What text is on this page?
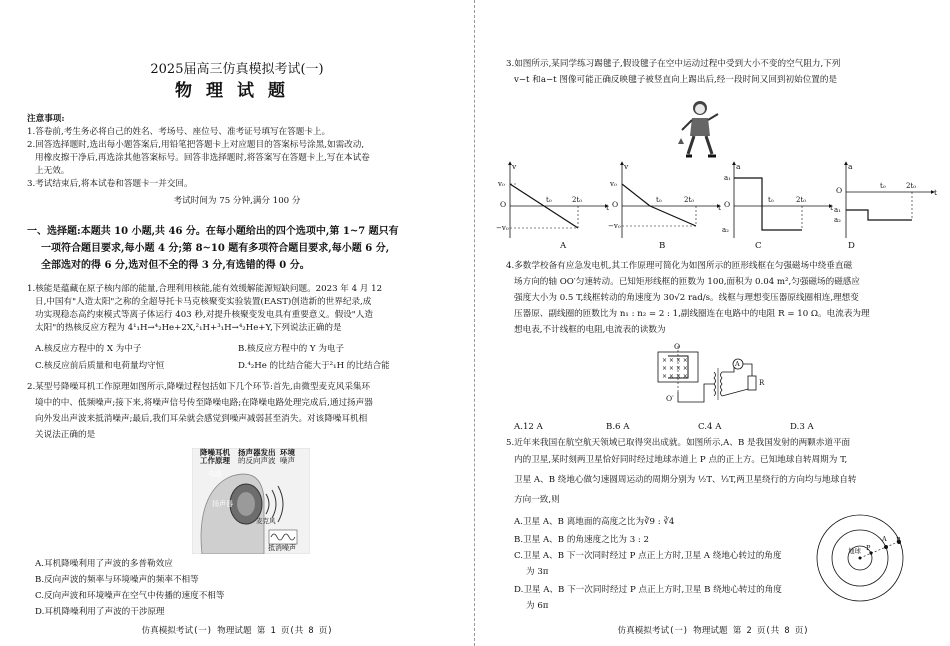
2025届高三仿真模拟考试(一)
物理试题
注意事项:
1.答卷前,考生务必将自己的姓名、考场号、座位号、准考证号填写在答题卡上。
2.回答选择题时,选出每小题答案后,用铅笔把答题卡上对应题目的答案标号涂黑,如需改动,
用橡皮擦干净后,再选涂其他答案标号。回答非选择题时,将答案写在答题卡上,写在本试卷
上无效。
3.考试结束后,将本试卷和答题卡一并交回。
考试时间为 75 分钟,满分 100 分
一、选择题:本题共 10 小题,共 46 分。在每小题给出的四个选项中,第 1~7 题只有
一项符合题目要求,每小题 4 分;第 8~10 题有多项符合题目要求,每小题 6 分,
全部选对的得 6 分,选对但不全的得 3 分,有选错的得 0 分。
1.核能是蕴藏在原子核内部的能量,合理利用核能,能有效缓解能源短缺问题。2023 年 4 月 12
日,中国有"人造太阳"之称的全超导托卡马克核聚变实验装置(EAST)创造新的世界纪录,成
功实现稳态高约束模式等离子体运行 403 秒,对提升核聚变发电具有重要意义。假设"人造
太阳"的热核反应方程为 4¹₁H→⁴₂He+2X,²₁H+³₁H→⁴₂He+Y,下列说法正确的是
A.核反应方程中的 X 为中子	B.核反应方程中的 Y 为电子
C.核反应前后质量和电荷量均守恒	D.⁴₂He 的比结合能大于²₁H 的比结合能
2.某型号降噪耳机工作原理如图所示,降噪过程包括如下几个环节:首先,由微型麦克风采集环
境中的中、低频噪声;接下来,将噪声信号传至降噪电路;在降噪电路处理完成后,通过扬声器
向外发出声波来抵消噪声;最后,我们耳朵就会感觉到噪声减弱甚至消失。对该降噪耳机相
关说法正确的是
降噪耳机
工作原理
扬声器发出
的反向声波
环境
噪声
电路
扬声器
麦克风
抵消噪声
A.耳机降噪利用了声波的多普勒效应
B.反向声波的频率与环境噪声的频率不相等
C.反向声波和环境噪声在空气中传播的速度不相等
D.耳机降噪利用了声波的干涉原理
仿真模拟考试(一) 物理试题 第 1 页(共 8 页)
3.如图所示,某同学练习踢毽子,假设毽子在空中运动过程中受到大小不变的空气阻力,下列
v−t 和a−t 图像可能正确反映毽子被竖直向上踢出后,经一段时间又回到初始位置的是
v
v₀
O	t₀	2t₀
t
−v₀
v
v₀
O	t₀	2t₀
t
−v₀
a
a₁
O	t₀	2t₀
t
a₂
a
O	t₀	2t₀
t
a₁
a₂
A	B	C	D
4.多数学校备有应急发电机,其工作原理可简化为如图所示的匝形线框在匀强磁场中绕垂直磁
场方向的轴 OO′匀速转动。已知矩形线框的匝数为 100,面积为 0.04 m²,匀强磁场的磁感应
强度大小为 0.5 T,线框转动的角速度为 30√2 rad/s。线框与理想变压器原线圈相连,理想变
压器原、副线圈的匝数比为 n₁ : n₂ = 2 : 1,副线圈连在电路中的电阻 R = 10 Ω。电流表为理
想电表,不计线框的电阻,电流表的读数为
× × × ×
× × × ×
× × × ×
O
O′
A
R
A.12 A	B.6 A	C.4 A	D.3 A
5.近年来我国在航空航天领域已取得突出成就。如图所示,A、B 是我国发射的两颗赤道平面
内的卫星,某时刻两卫星恰好同时经过地球赤道上 P 点的正上方。已知地球自转周期为 T,
卫星 A、B 绕地心做匀速圆周运动的周期分别为 ½T、⅓T,两卫星绕行的方向均与地球自转
方向一致,则
A.卫星 A、B 离地面的高度之比为∛9 : ∛4
B.卫星 A、B 的角速度之比为 3 : 2
C.卫星 A、B 下一次同时经过 P 点正上方时,卫星 A 绕地心转过的角度
为 3π
D.卫星 A、B 下一次同时经过 P 点正上方时,卫星 B 绕地心转过的角度
为 6π
地球 P
A B
仿真模拟考试(一) 物理试题 第 2 页(共 8 页)
